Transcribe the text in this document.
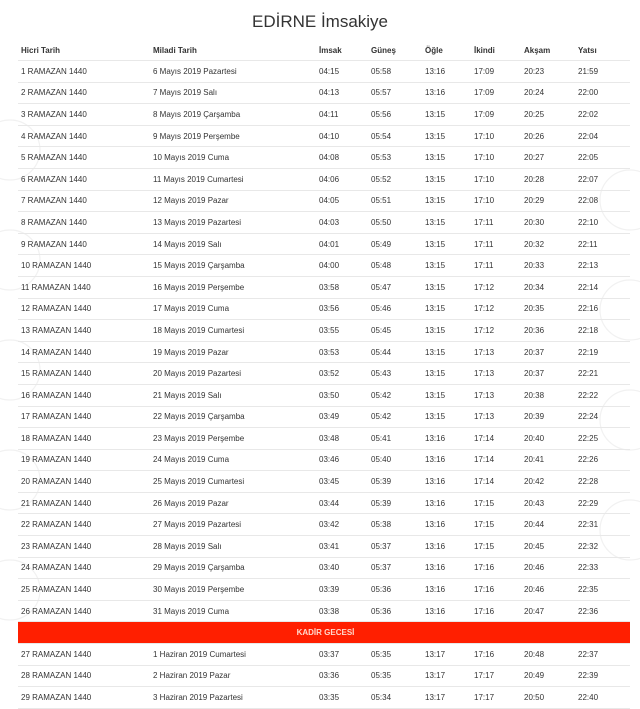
EDİRNE İmsakiye
Hicri Tarih	Miladi Tarih	İmsak	Güneş	Öğle	İkindi	Akşam	Yatsı
1 RAMAZAN 1440	6 Mayıs 2019 Pazartesi	04:15	05:58	13:16	17:09	20:23	21:59
2 RAMAZAN 1440	7 Mayıs 2019 Salı	04:13	05:57	13:16	17:09	20:24	22:00
3 RAMAZAN 1440	8 Mayıs 2019 Çarşamba	04:11	05:56	13:15	17:09	20:25	22:02
4 RAMAZAN 1440	9 Mayıs 2019 Perşembe	04:10	05:54	13:15	17:10	20:26	22:04
5 RAMAZAN 1440	10 Mayıs 2019 Cuma	04:08	05:53	13:15	17:10	20:27	22:05
6 RAMAZAN 1440	11 Mayıs 2019 Cumartesi	04:06	05:52	13:15	17:10	20:28	22:07
7 RAMAZAN 1440	12 Mayıs 2019 Pazar	04:05	05:51	13:15	17:10	20:29	22:08
8 RAMAZAN 1440	13 Mayıs 2019 Pazartesi	04:03	05:50	13:15	17:11	20:30	22:10
9 RAMAZAN 1440	14 Mayıs 2019 Salı	04:01	05:49	13:15	17:11	20:32	22:11
10 RAMAZAN 1440	15 Mayıs 2019 Çarşamba	04:00	05:48	13:15	17:11	20:33	22:13
11 RAMAZAN 1440	16 Mayıs 2019 Perşembe	03:58	05:47	13:15	17:12	20:34	22:14
12 RAMAZAN 1440	17 Mayıs 2019 Cuma	03:56	05:46	13:15	17:12	20:35	22:16
13 RAMAZAN 1440	18 Mayıs 2019 Cumartesi	03:55	05:45	13:15	17:12	20:36	22:18
14 RAMAZAN 1440	19 Mayıs 2019 Pazar	03:53	05:44	13:15	17:13	20:37	22:19
15 RAMAZAN 1440	20 Mayıs 2019 Pazartesi	03:52	05:43	13:15	17:13	20:37	22:21
16 RAMAZAN 1440	21 Mayıs 2019 Salı	03:50	05:42	13:15	17:13	20:38	22:22
17 RAMAZAN 1440	22 Mayıs 2019 Çarşamba	03:49	05:42	13:15	17:13	20:39	22:24
18 RAMAZAN 1440	23 Mayıs 2019 Perşembe	03:48	05:41	13:16	17:14	20:40	22:25
19 RAMAZAN 1440	24 Mayıs 2019 Cuma	03:46	05:40	13:16	17:14	20:41	22:26
20 RAMAZAN 1440	25 Mayıs 2019 Cumartesi	03:45	05:39	13:16	17:14	20:42	22:28
21 RAMAZAN 1440	26 Mayıs 2019 Pazar	03:44	05:39	13:16	17:15	20:43	22:29
22 RAMAZAN 1440	27 Mayıs 2019 Pazartesi	03:42	05:38	13:16	17:15	20:44	22:31
23 RAMAZAN 1440	28 Mayıs 2019 Salı	03:41	05:37	13:16	17:15	20:45	22:32
24 RAMAZAN 1440	29 Mayıs 2019 Çarşamba	03:40	05:37	13:16	17:16	20:46	22:33
25 RAMAZAN 1440	30 Mayıs 2019 Perşembe	03:39	05:36	13:16	17:16	20:46	22:35
26 RAMAZAN 1440	31 Mayıs 2019 Cuma	03:38	05:36	13:16	17:16	20:47	22:36
KADİR GECESİ							
27 RAMAZAN 1440	1 Haziran 2019 Cumartesi	03:37	05:35	13:17	17:16	20:48	22:37
28 RAMAZAN 1440	2 Haziran 2019 Pazar	03:36	05:35	13:17	17:17	20:49	22:39
29 RAMAZAN 1440	3 Haziran 2019 Pazartesi	03:35	05:34	13:17	17:17	20:50	22:40
